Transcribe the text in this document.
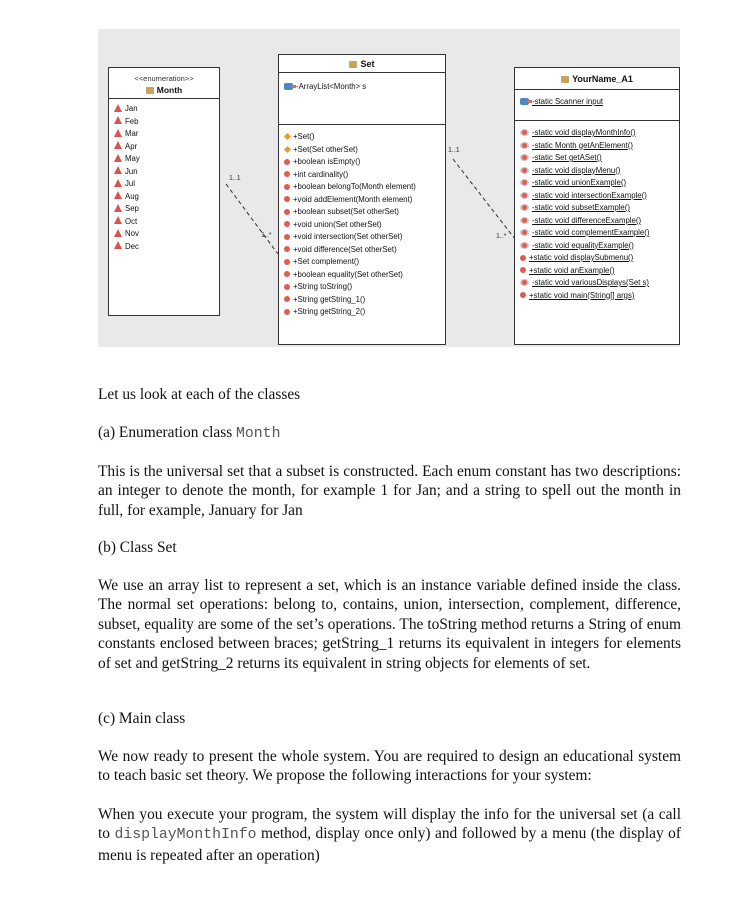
<<enumeration>>
Month
Jan
Feb
Mar
Apr
May
Jun
Jul
Aug
Sep
Oct
Nov
Dec
Set
-ArrayList<Month> s
+Set()
+Set(Set otherSet)
+boolean isEmpty()
+int cardinality()
+boolean belongTo(Month element)
+void addElement(Month element)
+boolean subset(Set otherSet)
+void union(Set otherSet)
+void intersection(Set otherSet)
+void difference(Set otherSet)
+Set complement()
+boolean equality(Set otherSet)
+String toString()
+String getString_1()
+String getString_2()
YourName_A1
-static Scanner input
-static void displayMonthInfo()
-static Month getAnElement()
-static Set getASet()
-static void displayMenu()
-static void unionExample()
-static void intersectionExample()
-static void subsetExample()
-static void differenceExample()
-static void complementExample()
-static void equalityExample()
+static void displaySubmenu()
+static void anExample()
-static void variousDisplays(Set s)
+static void main(String[] args)
1..1
1..*
1..1
1..*

Let us look at each of the classes

(a) Enumeration class Month

This is the universal set that a subset is constructed. Each enum constant has two descriptions: an integer to denote the month, for example 1 for Jan; and a string to spell out the month in full, for example, January for Jan

(b) Class Set

We use an array list to represent a set, which is an instance variable defined inside the class. The normal set operations: belong to, contains, union, intersection, complement, difference, subset, equality are some of the set’s operations. The toString method returns a String of enum constants enclosed between braces; getString_1 returns its equivalent in integers for elements of set and getString_2 returns its equivalent in string objects for elements of set.

(c) Main class

We now ready to present the whole system. You are required to design an educational system to teach basic set theory. We propose the following interactions for your system:

When you execute your program, the system will display the info for the universal set (a call to displayMonthInfo method, display once only) and followed by a menu (the display of menu is repeated after an operation)
